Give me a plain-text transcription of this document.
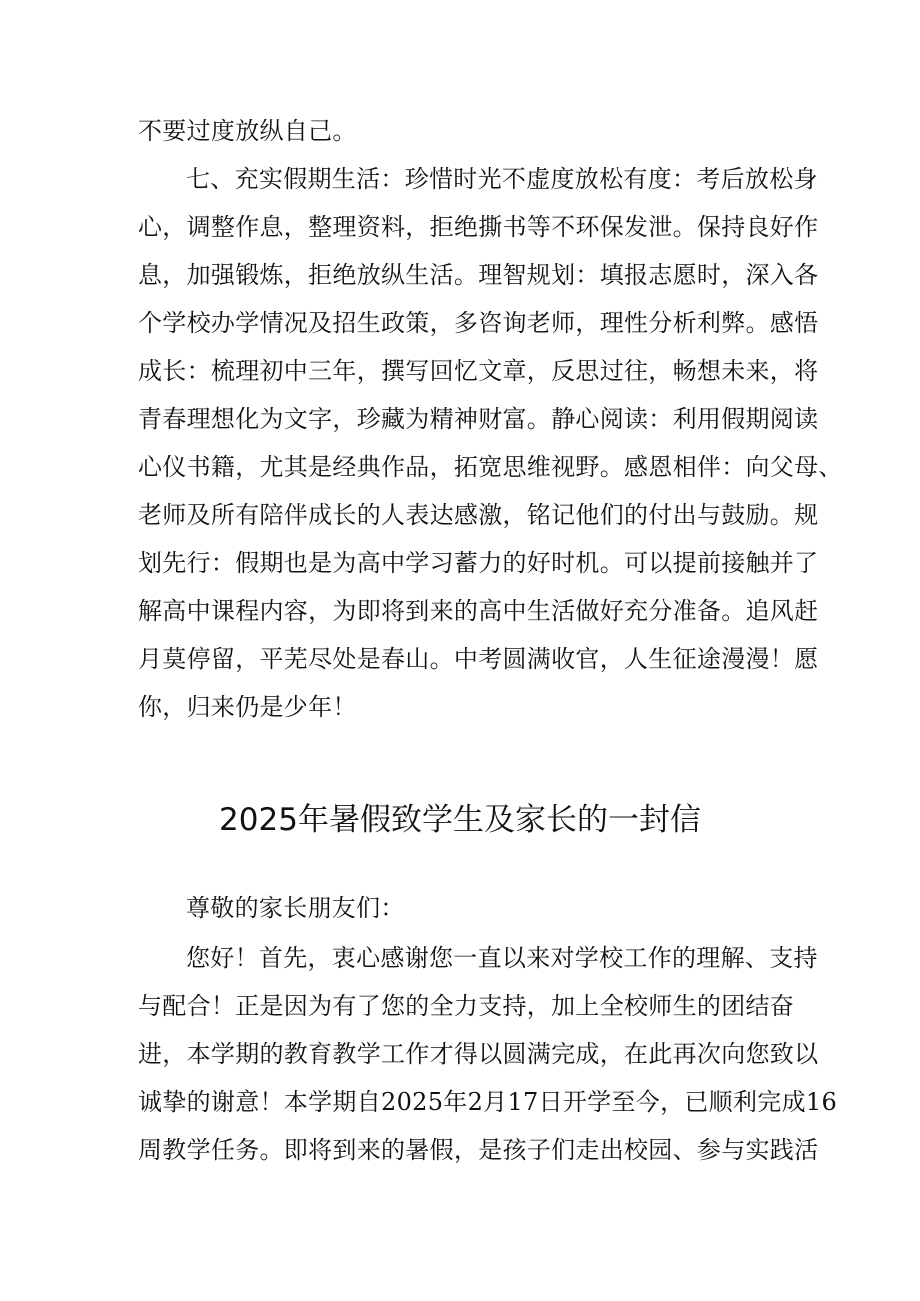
不要过度放纵自己。
七、充实假期生活：珍惜时光不虚度放松有度：考后放松身
心，调整作息，整理资料，拒绝撕书等不环保发泄。保持良好作
息，加强锻炼，拒绝放纵生活。理智规划：填报志愿时，深入各
个学校办学情况及招生政策，多咨询老师，理性分析利弊。感悟
成长：梳理初中三年，撰写回忆文章，反思过往，畅想未来，将
青春理想化为文字，珍藏为精神财富。静心阅读：利用假期阅读
心仪书籍，尤其是经典作品，拓宽思维视野。感恩相伴：向父母、
老师及所有陪伴成长的人表达感激，铭记他们的付出与鼓励。规
划先行：假期也是为高中学习蓄力的好时机。可以提前接触并了
解高中课程内容，为即将到来的高中生活做好充分准备。追风赶
月莫停留，平芜尽处是春山。中考圆满收官，人生征途漫漫！愿
你，归来仍是少年！
2025年暑假致学生及家长的一封信
尊敬的家长朋友们：
您好！首先，衷心感谢您一直以来对学校工作的理解、支持
与配合！正是因为有了您的全力支持，加上全校师生的团结奋
进，本学期的教育教学工作才得以圆满完成，在此再次向您致以
诚挚的谢意！本学期自2025年2月17日开学至今，已顺利完成16
周教学任务。即将到来的暑假，是孩子们走出校园、参与实践活
